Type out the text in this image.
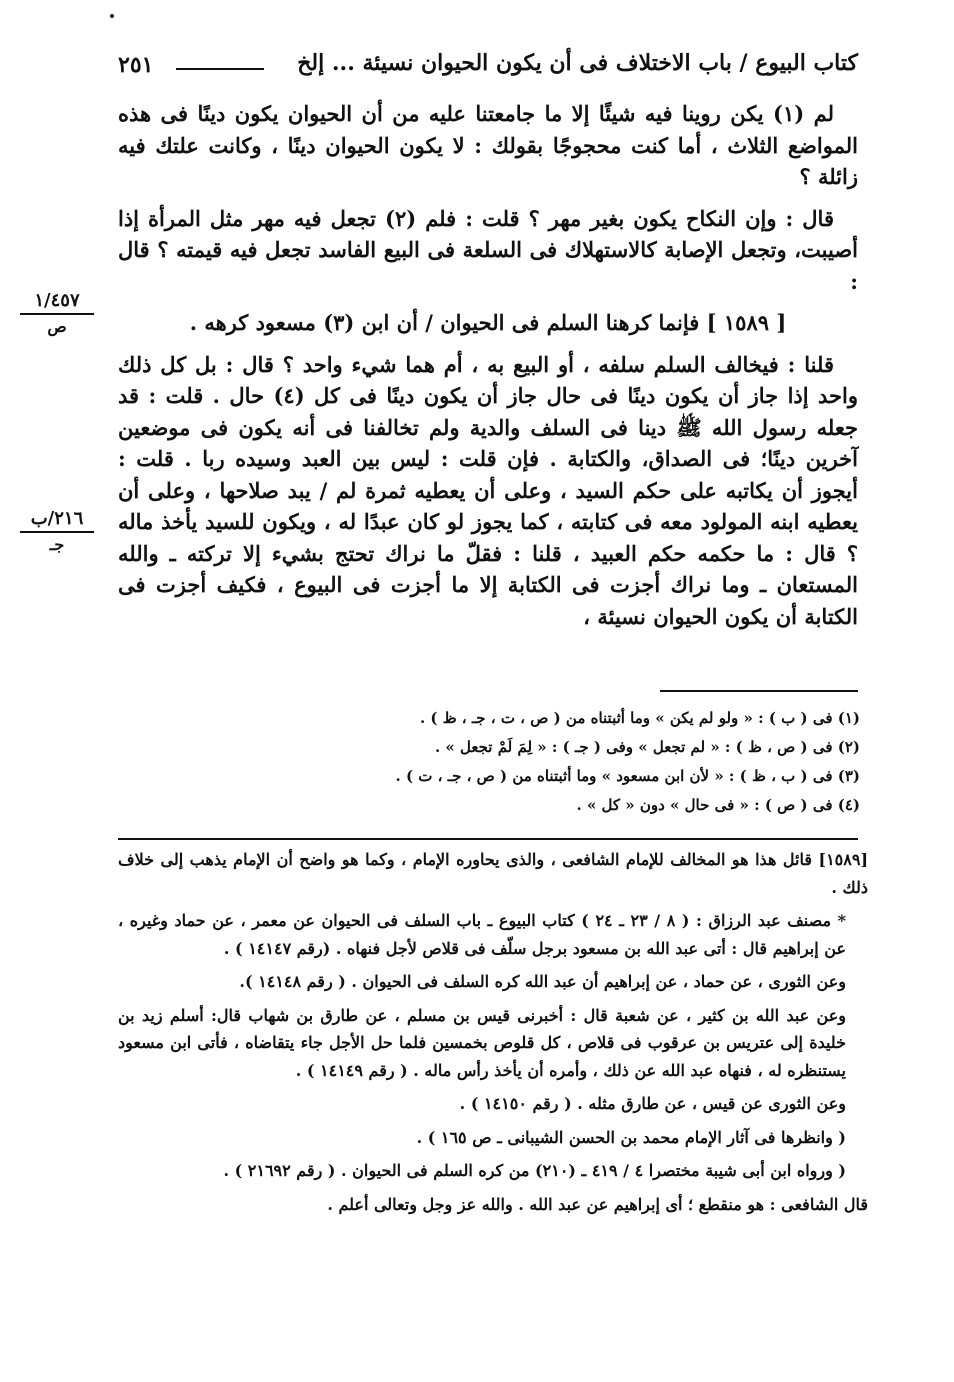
كتاب البيوع / باب الاختلاف فى أن يكون الحيوان نسيئة ... إلخ
٢٥١
١/٤٥٧
ص
٢١٦/ب
جـ

لم (١) يكن روينا فيه شيئًا إلا ما جامعتنا عليه من أن الحيوان يكون دينًا فى هذه المواضع الثلاث ، أما كنت محجوجًا بقولك : لا يكون الحيوان دينًا ، وكانت علتك فيه زائلة ؟

قال : وإن النكاح يكون بغير مهر ؟ قلت : فلم (٢) تجعل فيه مهر مثل المرأة إذا أصيبت، وتجعل الإصابة كالاستهلاك فى السلعة فى البيع الفاسد تجعل فيه قيمته ؟ قال :

[ ١٥٨٩ ] فإنما كرهنا السلم فى الحيوان / أن ابن (٣) مسعود كرهه .

قلنا : فيخالف السلم سلفه ، أو البيع به ، أم هما شيء واحد ؟ قال : بل كل ذلك واحد إذا جاز أن يكون دينًا فى حال جاز أن يكون دينًا فى كل (٤) حال . قلت : قد جعله رسول الله ﷺ دينا فى السلف والدية ولم تخالفنا فى أنه يكون فى موضعين آخرين دينًا؛ فى الصداق، والكتابة . فإن قلت : ليس بين العبد وسيده ربا . قلت : أيجوز أن يكاتبه على حكم السيد ، وعلى أن يعطيه ثمرة لم / يبد صلاحها ، وعلى أن يعطيه ابنه المولود معه فى كتابته ، كما يجوز لو كان عبدًا له ، ويكون للسيد يأخذ ماله ؟ قال : ما حكمه حكم العبيد ، قلنا : فقلّ ما نراك تحتج بشيء إلا تركته ـ والله المستعان ـ وما نراك أجزت فى الكتابة إلا ما أجزت فى البيوع ، فكيف أجزت فى الكتابة أن يكون الحيوان نسيئة ،

(١) فى ( ب ) : « ولو لم يكن » وما أثبتناه من ( ص ، ت ، جـ ، ظ ) .
(٢) فى ( ص ، ظ ) : « لم تجعل » وفى ( جـ ) : « لِمَ لَمْ تجعل » .
(٣) فى ( ب ، ظ ) : « لأن ابن مسعود » وما أثبتناه من ( ص ، جـ ، ت ) .
(٤) فى ( ص ) : « فى حال » دون « كل » .

[١٥٨٩] قائل هذا هو المخالف للإمام الشافعى ، والذى يحاوره الإمام ، وكما هو واضح أن الإمام يذهب إلى خلاف ذلك .

* مصنف عبد الرزاق : ( ٨ / ٢٣ ـ ٢٤ ) كتاب البيوع ـ باب السلف فى الحيوان عن معمر ، عن حماد وغيره ، عن إبراهيم قال : أتى عبد الله بن مسعود برجل سلّف فى قلاص لأجل فنهاه . (رقم ١٤١٤٧ ) .

وعن الثورى ، عن حماد ، عن إبراهيم أن عبد الله كره السلف فى الحيوان . ( رقم ١٤١٤٨ ).

وعن عبد الله بن كثير ، عن شعبة قال : أخبرنى قيس بن مسلم ، عن طارق بن شهاب قال: أسلم زيد بن خليدة إلى عتريس بن عرقوب فى قلاص ، كل قلوص بخمسين فلما حل الأجل جاء يتقاضاه ، فأتى ابن مسعود يستنظره له ، فنهاه عبد الله عن ذلك ، وأمره أن يأخذ رأس ماله . ( رقم ١٤١٤٩ ) .

وعن الثورى عن قيس ، عن طارق مثله . ( رقم ١٤١٥٠ ) .

( وانظرها فى آثار الإمام محمد بن الحسن الشيبانى ـ ص ١٦٥ ) .

( ورواه ابن أبى شيبة مختصرا ٤ / ٤١٩ ـ (٢١٠) من كره السلم فى الحيوان . ( رقم ٢١٦٩٢ ) .

قال الشافعى : هو منقطع ؛ أى إبراهيم عن عبد الله . والله عز وجل وتعالى أعلم .
